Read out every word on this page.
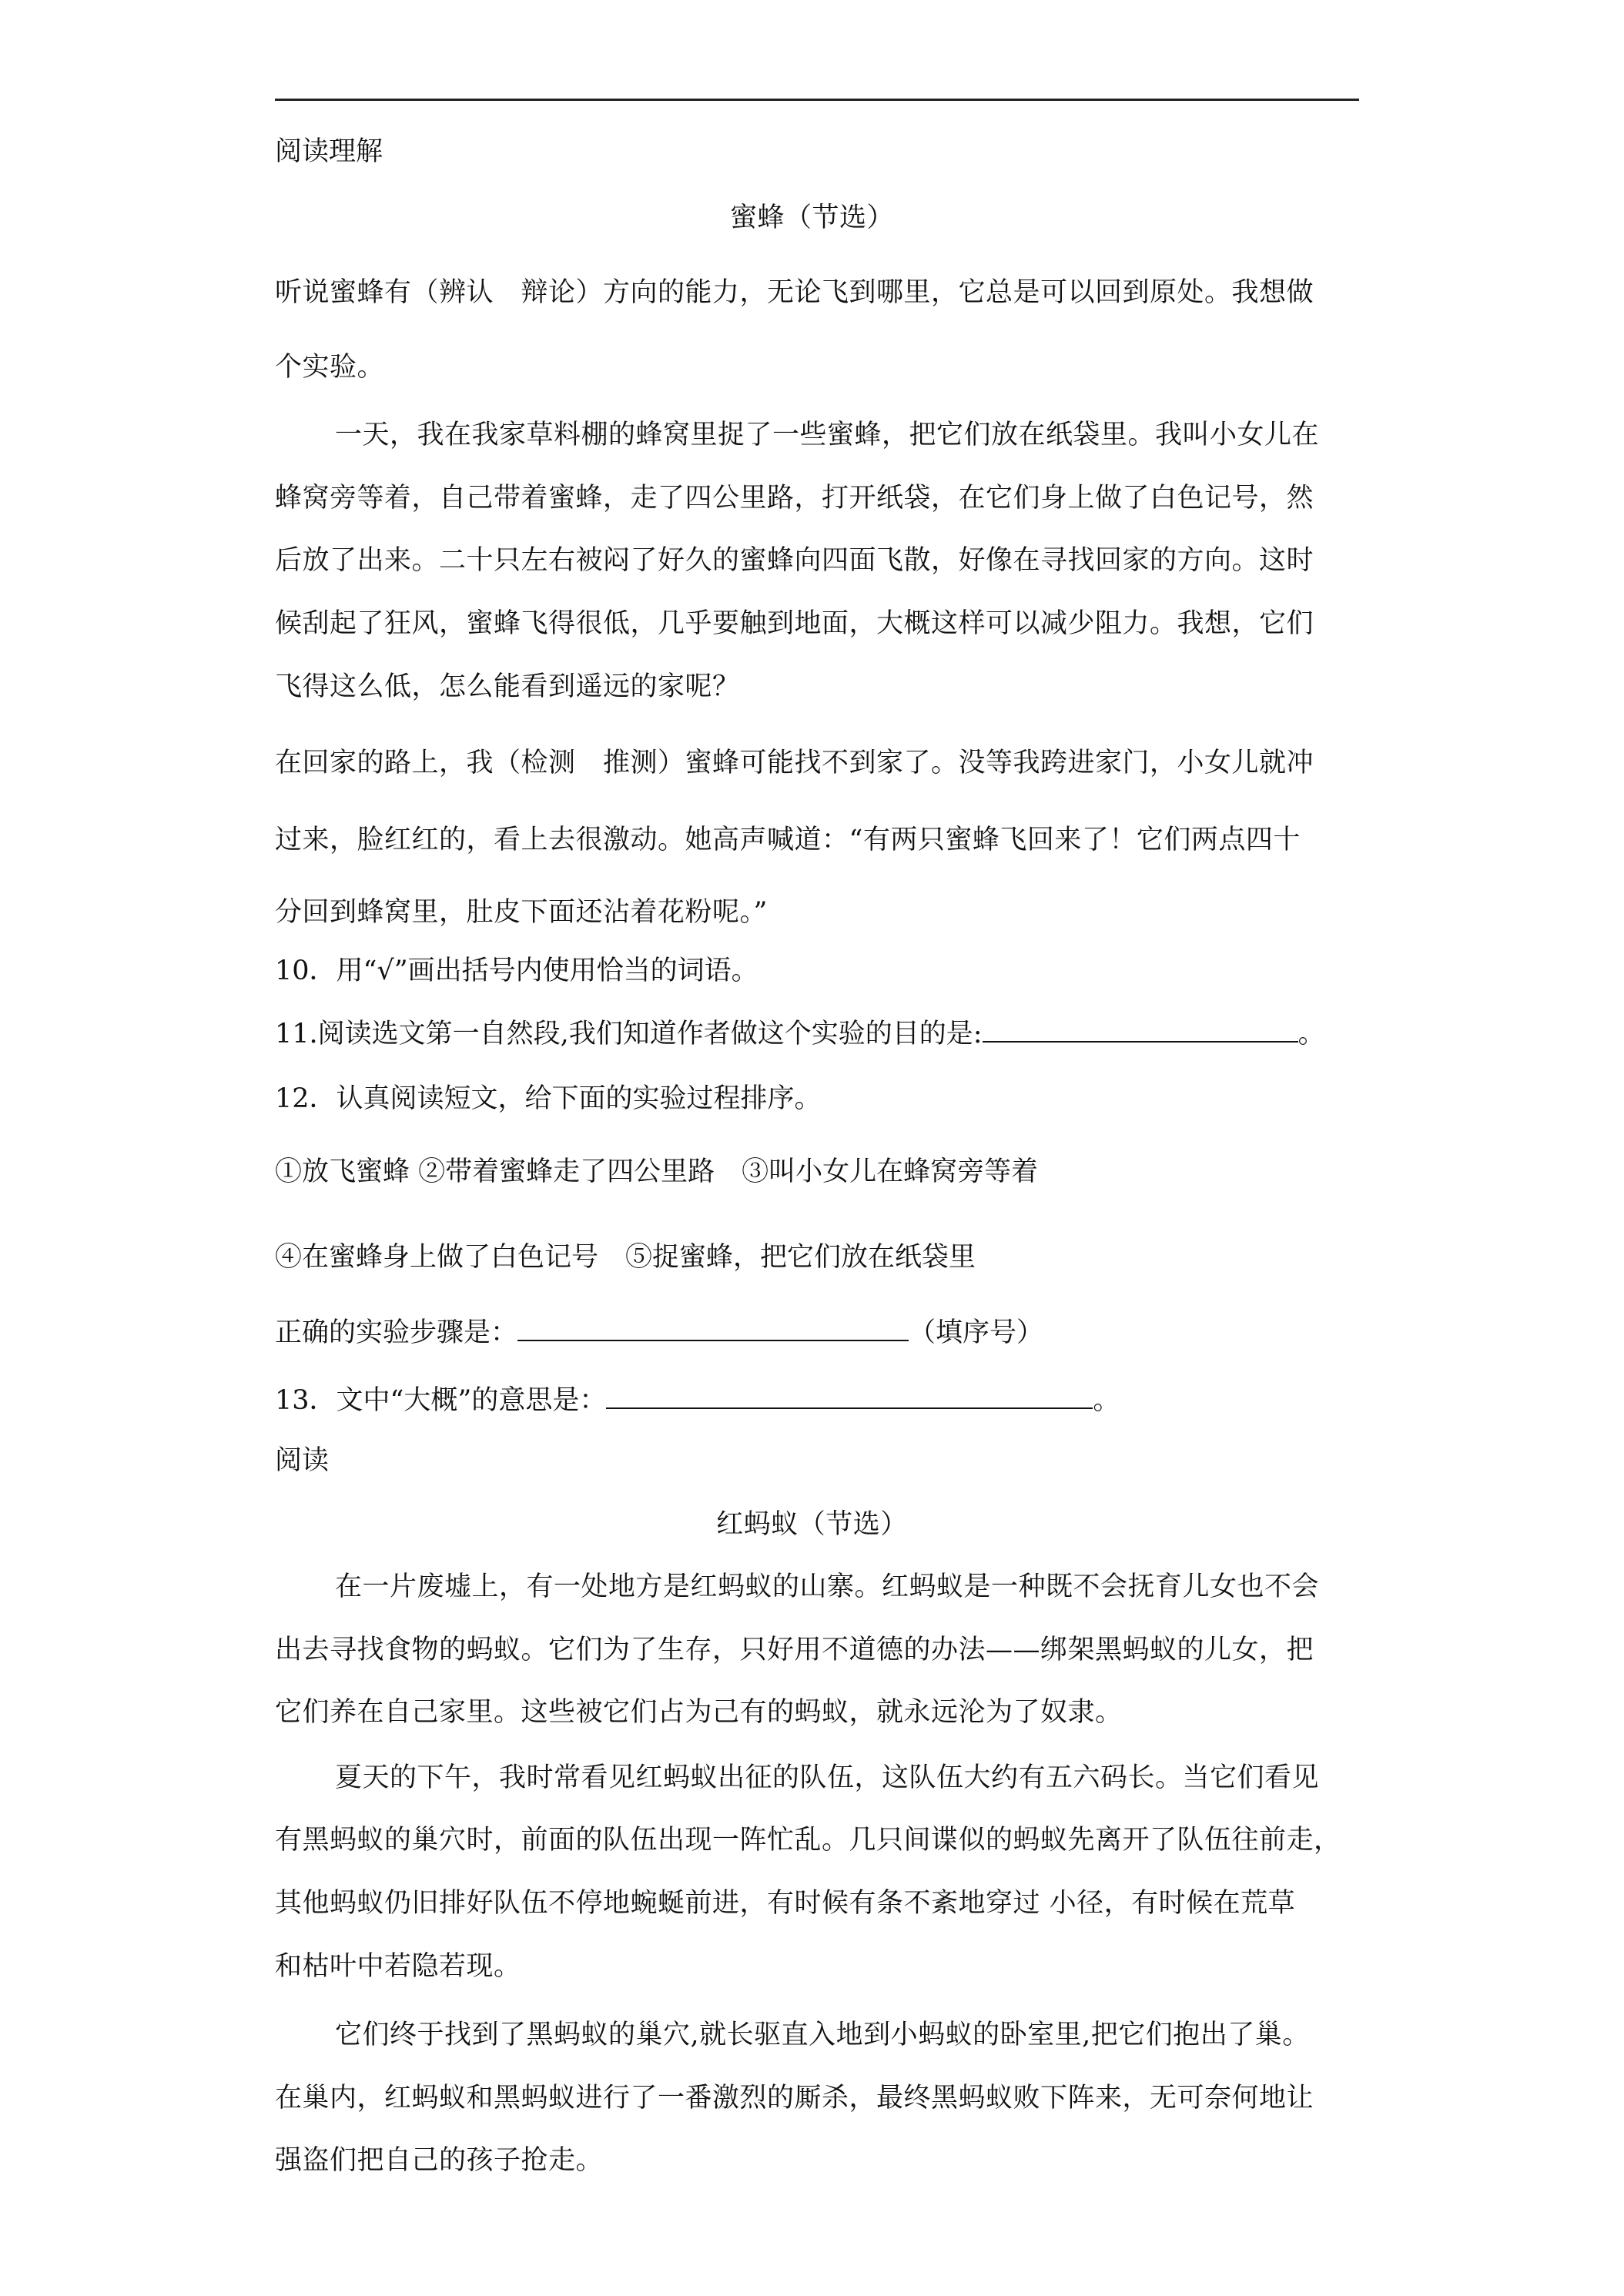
阅读理解
蜜蜂（节选）
听说蜜蜂有（辨认　辩论）方向的能力，无论飞到哪里，它总是可以回到原处。我想做
个实验。
一天，我在我家草料棚的蜂窝里捉了一些蜜蜂，把它们放在纸袋里。我叫小女儿在
蜂窝旁等着，自己带着蜜蜂，走了四公里路，打开纸袋，在它们身上做了白色记号，然
后放了出来。二十只左右被闷了好久的蜜蜂向四面飞散，好像在寻找回家的方向。这时
候刮起了狂风，蜜蜂飞得很低，几乎要触到地面，大概这样可以减少阻力。我想，它们
飞得这么低，怎么能看到遥远的家呢？
在回家的路上，我（检测　推测）蜜蜂可能找不到家了。没等我跨进家门，小女儿就冲
过来，脸红红的，看上去很激动。她高声喊道：“有两只蜜蜂飞回来了！它们两点四十
分回到蜂窝里，肚皮下面还沾着花粉呢。”
10．用“√”画出括号内使用恰当的词语。
11.阅读选文第一自然段,我们知道作者做这个实验的目的是:	。
12．认真阅读短文，给下面的实验过程排序。
①放飞蜜蜂 ②带着蜜蜂走了四公里路　③叫小女儿在蜂窝旁等着
④在蜜蜂身上做了白色记号　⑤捉蜜蜂，把它们放在纸袋里
正确的实验步骤是：	（填序号）
13．文中“大概”的意思是：	。
阅读
红蚂蚁（节选）
在一片废墟上，有一处地方是红蚂蚁的山寨。红蚂蚁是一种既不会抚育儿女也不会
出去寻找食物的蚂蚁。它们为了生存，只好用不道德的办法——绑架黑蚂蚁的儿女，把
它们养在自己家里。这些被它们占为己有的蚂蚁，就永远沦为了奴隶。
夏天的下午，我时常看见红蚂蚁出征的队伍，这队伍大约有五六码长。当它们看见
有黑蚂蚁的巢穴时，前面的队伍出现一阵忙乱。几只间谍似的蚂蚁先离开了队伍往前走，
其他蚂蚁仍旧排好队伍不停地蜿蜒前进，有时候有条不紊地穿过 小径，有时候在荒草
和枯叶中若隐若现。
它们终于找到了黑蚂蚁的巢穴,就长驱直入地到小蚂蚁的卧室里,把它们抱出了巢。
在巢内，红蚂蚁和黑蚂蚁进行了一番激烈的厮杀，最终黑蚂蚁败下阵来，无可奈何地让
强盗们把自己的孩子抢走。
